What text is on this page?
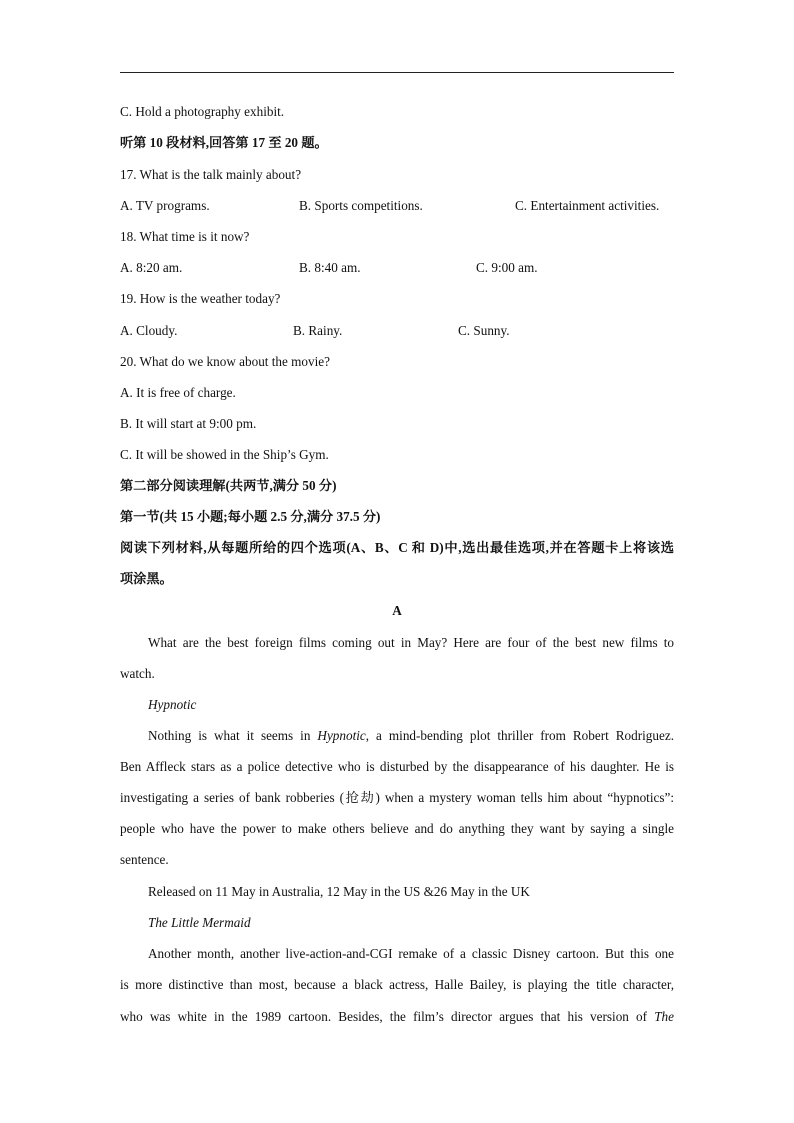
C. Hold a photography exhibit.
听第 10 段材料,回答第 17 至 20 题。
17. What is the talk mainly about?
A. TV programs.	B. Sports competitions.	C. Entertainment activities.
18. What time is it now?
A. 8:20 am.	B. 8:40 am.	C. 9:00 am.
19. How is the weather today?
A. Cloudy.	B. Rainy.	C. Sunny.
20. What do we know about the movie?
A. It is free of charge.
B. It will start at 9:00 pm.
C. It will be showed in the Ship’s Gym.
第二部分阅读理解(共两节,满分 50 分)
第一节(共 15 小题;每小题 2.5 分,满分 37.5 分)
阅读下列材料,从每题所给的四个选项(A、B、C 和 D)中,选出最佳选项,并在答题卡上将该选
项涂黑。
A
What are the best foreign films coming out in May? Here are four of the best new films to
watch.
Hypnotic
Nothing is what it seems in Hypnotic, a mind-bending plot thriller from Robert Rodriguez.
Ben Affleck stars as a police detective who is disturbed by the disappearance of his daughter. He is
investigating a series of bank robberies (抢劫) when a mystery woman tells him about “hypnotics”:
people who have the power to make others believe and do anything they want by saying a single
sentence.
Released on 11 May in Australia, 12 May in the US &26 May in the UK
The Little Mermaid
Another month, another live-action-and-CGI remake of a classic Disney cartoon. But this one
is more distinctive than most, because a black actress, Halle Bailey, is playing the title character,
who was white in the 1989 cartoon. Besides, the film’s director argues that his version of The
